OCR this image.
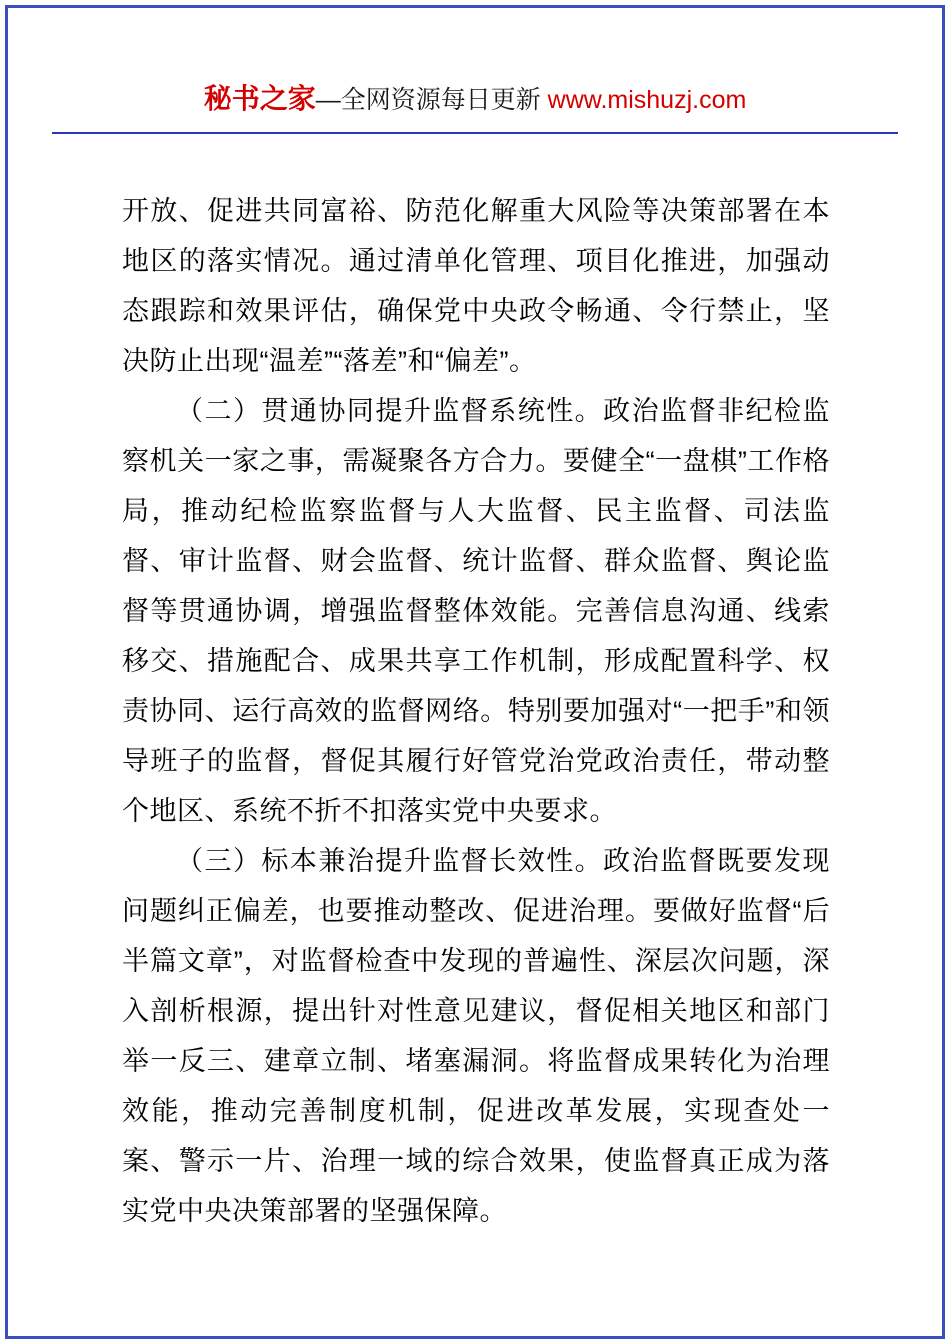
秘书之家—全网资源每日更新 www.mishuzj.com

开放、促进共同富裕、防范化解重大风险等决策部署在本地区的落实情况。通过清单化管理、项目化推进，加强动态跟踪和效果评估，确保党中央政令畅通、令行禁止，坚决防止出现“温差”“落差”和“偏差”。

（二）贯通协同提升监督系统性。政治监督非纪检监察机关一家之事，需凝聚各方合力。要健全“一盘棋”工作格局，推动纪检监察监督与人大监督、民主监督、司法监督、审计监督、财会监督、统计监督、群众监督、舆论监督等贯通协调，增强监督整体效能。完善信息沟通、线索移交、措施配合、成果共享工作机制，形成配置科学、权责协同、运行高效的监督网络。特别要加强对“一把手”和领导班子的监督，督促其履行好管党治党政治责任，带动整个地区、系统不折不扣落实党中央要求。

（三）标本兼治提升监督长效性。政治监督既要发现问题纠正偏差，也要推动整改、促进治理。要做好监督“后半篇文章”，对监督检查中发现的普遍性、深层次问题，深入剖析根源，提出针对性意见建议，督促相关地区和部门举一反三、建章立制、堵塞漏洞。将监督成果转化为治理效能，推动完善制度机制，促进改革发展，实现查处一案、警示一片、治理一域的综合效果，使监督真正成为落实党中央决策部署的坚强保障。
